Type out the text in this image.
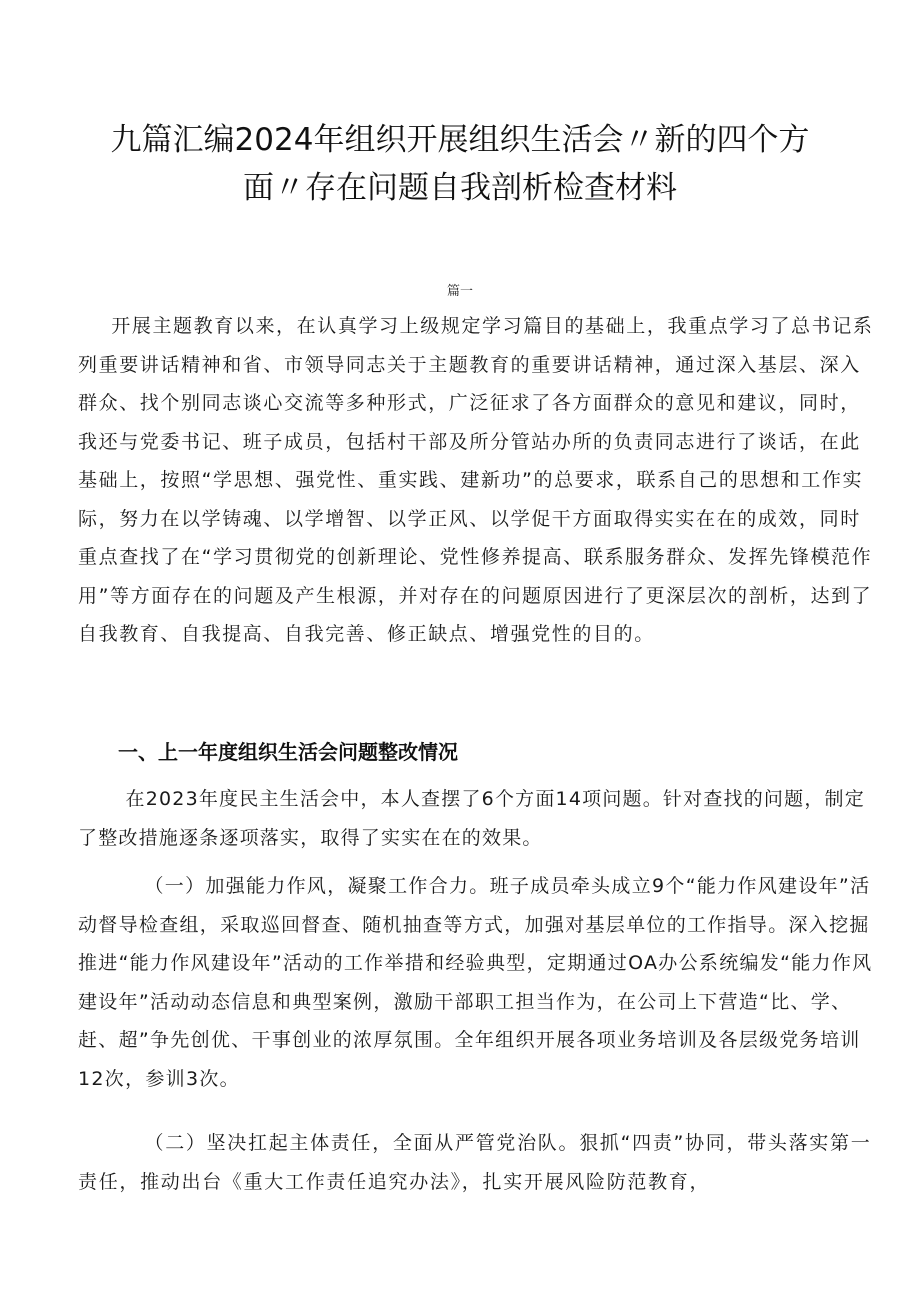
九篇汇编2024年组织开展组织生活会〃新的四个方
面〃存在问题自我剖析检查材料
篇一

开展主题教育以来，在认真学习上级规定学习篇目的基础上，我重点学习了总书记系列重要讲话精神和省、市领导同志关于主题教育的重要讲话精神，通过深入基层、深入群众、找个别同志谈心交流等多种形式，广泛征求了各方面群众的意见和建议，同时，我还与党委书记、班子成员，包括村干部及所分管站办所的负责同志进行了谈话，在此基础上，按照“学思想、强党性、重实践、建新功”的总要求，联系自己的思想和工作实际，努力在以学铸魂、以学增智、以学正风、以学促干方面取得实实在在的成效，同时重点查找了在“学习贯彻党的创新理论、党性修养提高、联系服务群众、发挥先锋模范作用”等方面存在的问题及产生根源，并对存在的问题原因进行了更深层次的剖析，达到了自我教育、自我提高、自我完善、修正缺点、增强党性的目的。

一、上一年度组织生活会问题整改情况

在2023年度民主生活会中，本人查摆了6个方面14项问题。针对查找的问题，制定了整改措施逐条逐项落实，取得了实实在在的效果。

（一）加强能力作风，凝聚工作合力。班子成员牵头成立9个“能力作风建设年”活动督导检查组，采取巡回督查、随机抽查等方式，加强对基层单位的工作指导。深入挖掘推进“能力作风建设年”活动的工作举措和经验典型，定期通过OA办公系统编发“能力作风建设年”活动动态信息和典型案例，激励干部职工担当作为，在公司上下营造“比、学、赶、超”争先创优、干事创业的浓厚氛围。全年组织开展各项业务培训及各层级党务培训12次，参训3次。

（二）坚决扛起主体责任，全面从严管党治队。狠抓“四责”协同，带头落实第一责任，推动出台《重大工作责任追究办法》，扎实开展风险防范教育，
